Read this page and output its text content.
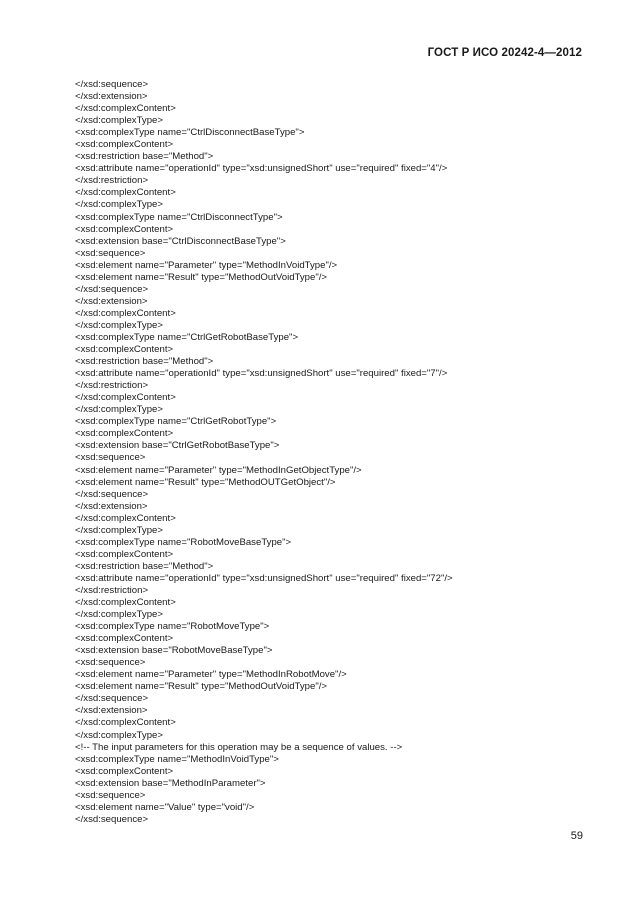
ГОСТ Р ИСО 20242-4—2012
</xsd:sequence>
</xsd:extension>
</xsd:complexContent>
</xsd:complexType>
<xsd:complexType name="CtrlDisconnectBaseType">
<xsd:complexContent>
<xsd:restriction base="Method">
<xsd:attribute name="operationId" type="xsd:unsignedShort" use="required" fixed="4"/>
</xsd:restriction>
</xsd:complexContent>
</xsd:complexType>
<xsd:complexType name="CtrlDisconnectType">
<xsd:complexContent>
<xsd:extension base="CtrlDisconnectBaseType">
<xsd:sequence>
<xsd:element name="Parameter" type="MethodInVoidType"/>
<xsd:element name="Result" type="MethodOutVoidType"/>
</xsd:sequence>
</xsd:extension>
</xsd:complexContent>
</xsd:complexType>
<xsd:complexType name="CtrlGetRobotBaseType">
<xsd:complexContent>
<xsd:restriction base="Method">
<xsd:attribute name="operationId" type="xsd:unsignedShort" use="required" fixed="7"/>
</xsd:restriction>
</xsd:complexContent>
</xsd:complexType>
<xsd:complexType name="CtrlGetRobotType">
<xsd:complexContent>
<xsd:extension base="CtrlGetRobotBaseType">
<xsd:sequence>
<xsd:element name="Parameter" type="MethodInGetObjectType"/>
<xsd:element name="Result" type="MethodOUTGetObject"/>
</xsd:sequence>
</xsd:extension>
</xsd:complexContent>
</xsd:complexType>
<xsd:complexType name="RobotMoveBaseType">
<xsd:complexContent>
<xsd:restriction base="Method">
<xsd:attribute name="operationId" type="xsd:unsignedShort" use="required" fixed="72"/>
</xsd:restriction>
</xsd:complexContent>
</xsd:complexType>
<xsd:complexType name="RobotMoveType">
<xsd:complexContent>
<xsd:extension base="RobotMoveBaseType">
<xsd:sequence>
<xsd:element name="Parameter" type="MethodInRobotMove"/>
<xsd:element name="Result" type="MethodOutVoidType"/>
</xsd:sequence>
</xsd:extension>
</xsd:complexContent>
</xsd:complexType>
<!-- The input parameters for this operation may be a sequence of values. -->
<xsd:complexType name="MethodInVoidType">
<xsd:complexContent>
<xsd:extension base="MethodInParameter">
<xsd:sequence>
<xsd:element name="Value" type="void"/>
</xsd:sequence>
59
